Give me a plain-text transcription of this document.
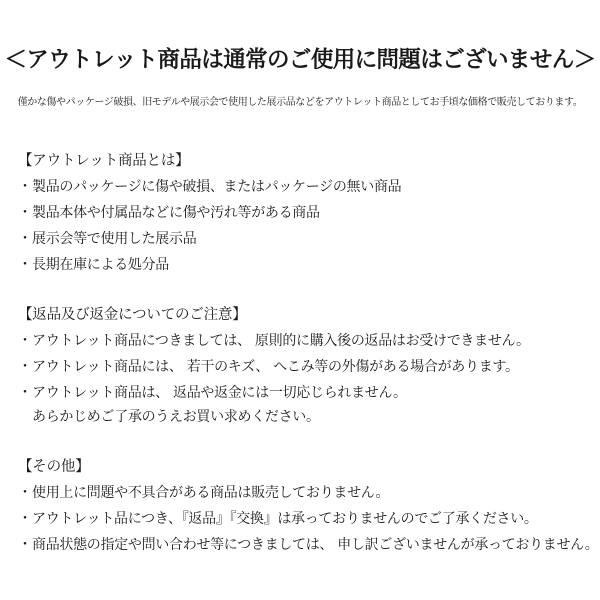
＜アウトレット商品は通常のご使用に問題はございません＞
僅かな傷やパッケージ破損、旧モデルや展示会で使用した展示品などをアウトレット商品としてお手頃な価格で販売しております。
【アウトレット商品とは】
・製品のパッケージに傷や破損、またはパッケージの無い商品
・製品本体や付属品などに傷や汚れ等がある商品
・展示会等で使用した展示品
・長期在庫による処分品
【返品及び返金についてのご注意】
・アウトレット商品につきましては、 原則的に購入後の返品はお受けできません。
・アウトレット商品には、 若干のキズ、 へこみ等の外傷がある場合があります。
・アウトレット商品は、 返品や返金には一切応じられません。
あらかじめご了承のうえお買い求めください。
【その他】
・使用上に問題や不具合がある商品は販売しておりません。
・アウトレット品につき、『返品』『交換』は承っておりませんのでご了承ください。
・商品状態の指定や問い合わせ等につきましては、 申し訳ございませんが承っておりません。
